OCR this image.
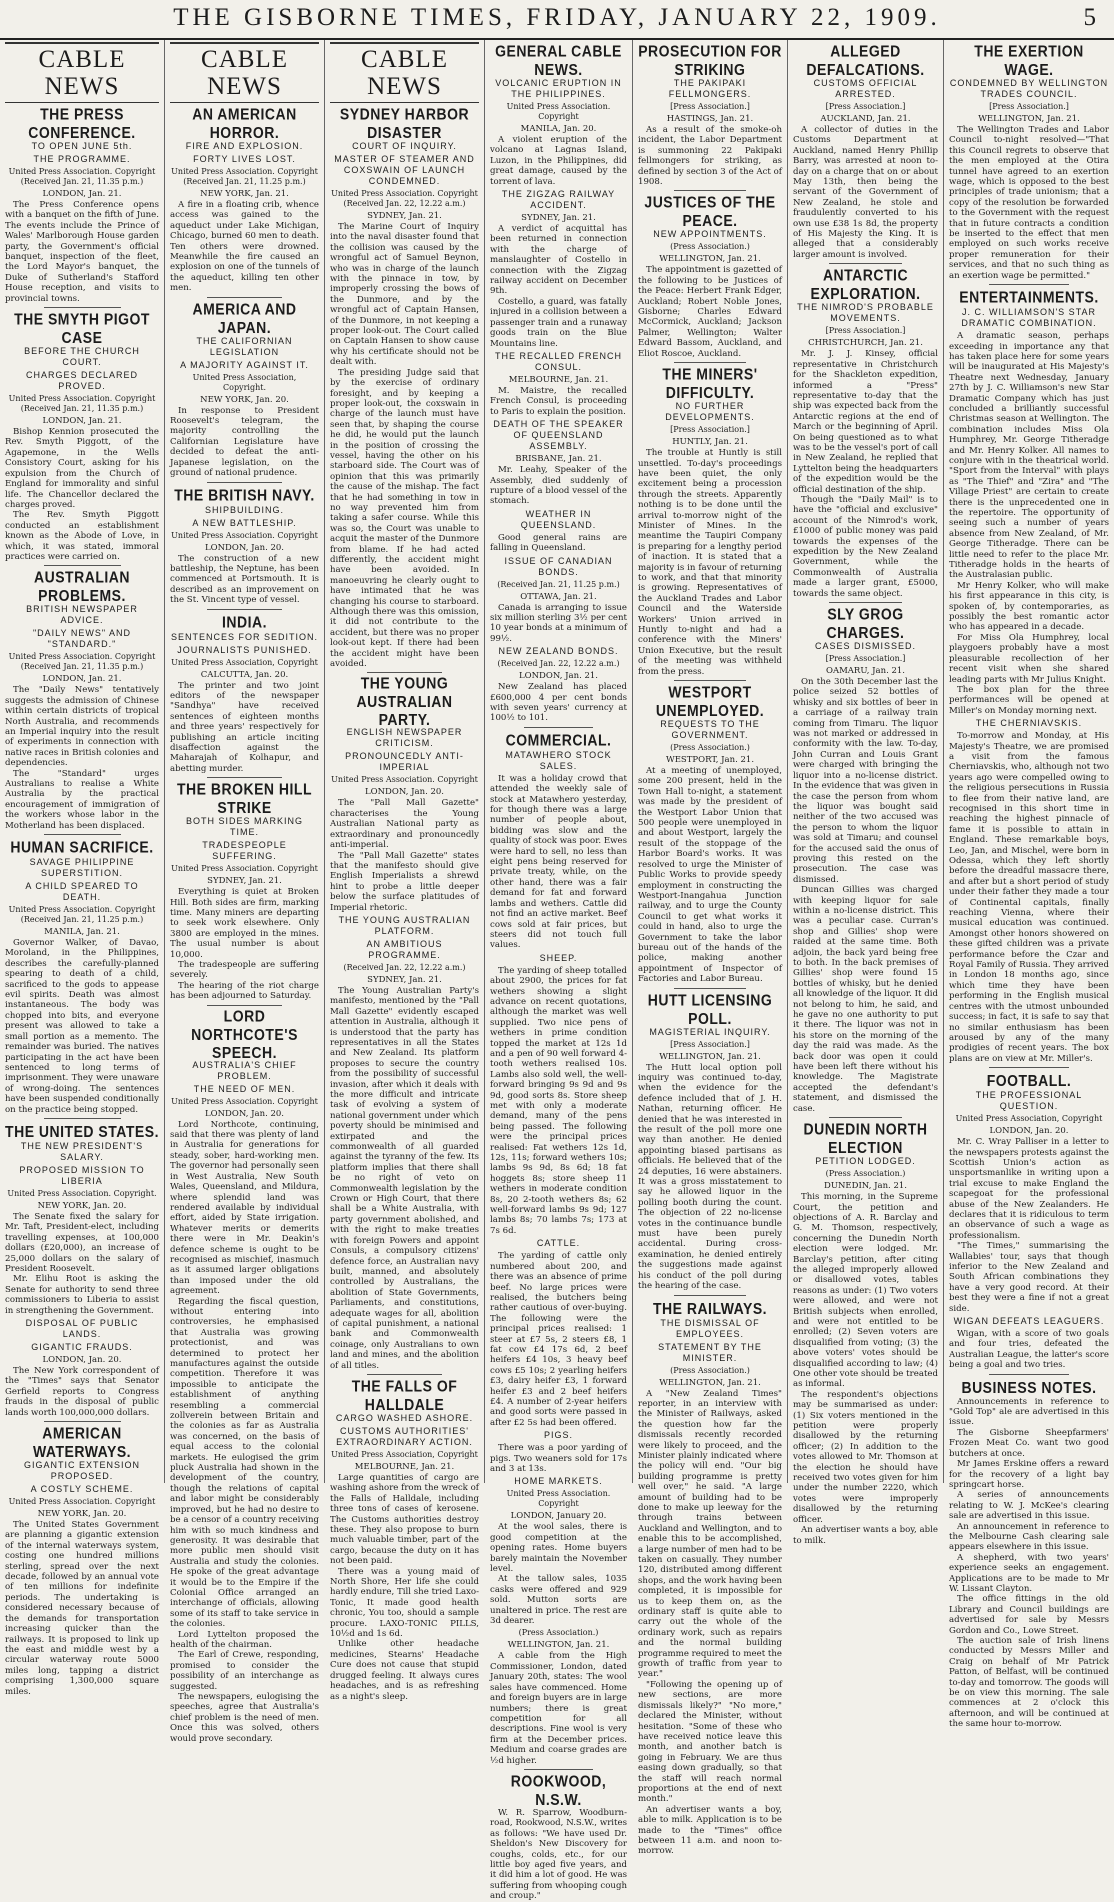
THE GISBORNE TIMES, FRIDAY, JANUARY 22, 1909.	5
CABLE NEWS
THE PRESS CONFERENCE.
TO OPEN JUNE 5th.
THE PROGRAMME.
United Press Association. Copyright (Received Jan. 21, 11.35 p.m.)
LONDON, Jan. 21.
The Press Conference opens with a banquet on the fifth of June. The events include the Prince of Wales' Marlborough House garden party, the Government's official banquet, inspection of the fleet, the Lord Mayor's banquet, the Duke of Sutherland's Stafford House reception, and visits to provincial towns.
THE SMYTH PIGOT CASE
BEFORE THE CHURCH COURT.
CHARGES DECLARED PROVED.
United Press Association. Copyright (Received Jan. 21, 11.35 p.m.)
LONDON, Jan. 21.
Bishop Kennion prosecuted the Rev. Smyth Piggott, of the Agapemone, in the Wells Consistory Court, asking for his expulsion from the Church of England for immorality and sinful life. The Chancellor declared the charges proved.
The Rev. Smyth Piggott conducted an establishment known as the Abode of Love, in which, it was stated, immoral practices were carried on.
AUSTRALIAN PROBLEMS.
BRITISH NEWSPAPER ADVICE.
"DAILY NEWS" AND "STANDARD."
United Press Association. Copyright (Received Jan. 21, 11.35 p.m.)
LONDON, Jan. 21.
The "Daily News" tentatively suggests the admission of Chinese within certain districts of tropical North Australia, and recommends an Imperial inquiry into the result of experiments in connection with native races in British colonies and dependencies.
The "Standard" urges Australians to realise a White Australia by the practical encouragement of immigration of the workers whose labor in the Motherland has been displaced.
HUMAN SACRIFICE.
SAVAGE PHILIPPINE SUPERSTITION.
A CHILD SPEARED TO DEATH.
United Press Association. Copyright (Received Jan. 21, 11.25 p.m.)
MANILA, Jan. 21.
Governor Walker, of Davao, Moroland, in the Philippines, describes the carefully-planned spearing to death of a child, sacrificed to the gods to appease evil spirits. Death was almost instantaneous. The body was chopped into bits, and everyone present was allowed to take a small portion as a memento. The remainder was buried. The natives participating in the act have been sentenced to long terms of imprisonment. They were unaware of wrong-doing. The sentences have been suspended conditionally on the practice being stopped.
THE UNITED STATES.
THE NEW PRESIDENT'S SALARY.
PROPOSED MISSION TO LIBERIA
United Press Association. Copyright.
NEW YORK, Jan. 20.
The Senate fixed the salary for Mr. Taft, President-elect, including travelling expenses, at 100,000 dollars (£20,000), an increase of 25,000 dollars on the salary of President Roosevelt.
Mr. Elihu Root is asking the Senate for authority to send three commissioners to Liberia to assist in strengthening the Government.
DISPOSAL OF PUBLIC LANDS.
GIGANTIC FRAUDS.
LONDON, Jan. 20.
The New York correspondent of the "Times" says that Senator Gerfield reports to Congress frauds in the disposal of public lands worth 100,000,000 dollars.
AMERICAN WATERWAYS.
GIGANTIC EXTENSION PROPOSED.
A COSTLY SCHEME.
United Press Association. Copyright
NEW YORK, Jan. 20.
The United States Government are planning a gigantic extension of the internal waterways system, costing one hundred millions sterling, spread over the next decade, followed by an annual vote of ten millions for indefinite periods. The undertaking is considered necessary because of the demands for transportation increasing quicker than the railways. It is proposed to link up the east and middle west by a circular waterway route 5000 miles long, tapping a district comprising 1,300,000 square miles.
CABLE NEWS
AN AMERICAN HORROR.
FIRE AND EXPLOSION.
FORTY LIVES LOST.
United Press Association. Copyright (Received Jan. 21, 11.25 p.m.)
NEW YORK, Jan. 21.
A fire in a floating crib, whence access was gained to the aqueduct under Lake Michigan, Chicago, burned 60 men to death. Ten others were drowned. Meanwhile the fire caused an explosion on one of the tunnels of the aqueduct, killing ten other men.
AMERICA AND JAPAN.
THE CALIFORNIAN LEGISLATION
A MAJORITY AGAINST IT.
United Press Association, Copyright.
NEW YORK, Jan. 20.
In response to President Roosevelt's telegram, the majority controlling the Californian Legislature have decided to defeat the anti-Japanese legislation, on the ground of national prudence.
THE BRITISH NAVY.
SHIPBUILDING.
A NEW BATTLESHIP.
United Press Association. Copyright
LONDON, Jan. 20.
The construction of a new battleship, the Neptune, has been commenced at Portsmouth. It is described as an improvement on the St. Vincent type of vessel.
INDIA.
SENTENCES FOR SEDITION.
JOURNALISTS PUNISHED.
United Press Association, Copyright
CALCUTTA, Jan. 20.
The printer and two joint editors of the newspaper "Sandhya" have received sentences of eighteen months and three years' respectively for publishing an article inciting disaffection against the Maharajah of Kolhapur, and abetting murder.
THE BROKEN HILL STRIKE
BOTH SIDES MARKING TIME.
TRADESPEOPLE SUFFERING.
United Press Association. Copyright
SYDNEY, Jan. 21.
Everything is quiet at Broken Hill. Both sides are firm, marking time. Many miners are departing to seek work elsewhere. Only 3800 are employed in the mines. The usual number is about 10,000.
The tradespeople are suffering severely.
The hearing of the riot charge has been adjourned to Saturday.
LORD NORTHCOTE'S SPEECH.
AUSTRALIA'S CHIEF PROBLEM.
THE NEED OF MEN.
United Press Association. Copyright
LONDON, Jan. 20.
Lord Northcote, continuing, said that there was plenty of land in Australia for generations for steady, sober, hard-working men. The governor had personally seen in West Australia, New South Wales, Queensland, and Mildura, where splendid land was rendered available by individual effort, aided by State irrigation. Whatever merits or demerits there were in Mr. Deakin's defence scheme is ought to be recognised as mischief, inasmuch as it assumed larger obligations than imposed under the old agreement.
Regarding the fiscal question, without entering into controversies, he emphasised that Australia was growing protectionist, and was determined to protect her manufactures against the outside competition. Therefore it was impossible to anticipate the establishment of anything resembling a commercial zollverein between Britain and the colonies as far as Australia was concerned, on the basis of equal access to the colonial markets. He eulogised the grim pluck Australia had shown in the development of the country, though the relations of capital and labor might be considerably improved, but he had no desire to be a censor of a country receiving him with so much kindness and generosity. It was desirable that more public men should visit Australia and study the colonies. He spoke of the great advantage it would be to the Empire if the Colonial Office arranged an interchange of officials, allowing some of its staff to take service in the colonies.
Lord Lyttelton proposed the health of the chairman.
The Earl of Crewe, responding, promised to consider the possibility of an interchange as suggested.
The newspapers, eulogising the speeches, agree that Australia's chief problem is the need of men. Once this was solved, others would prove secondary.
CABLE NEWS
SYDNEY HARBOR DISASTER
COURT OF INQUIRY.
MASTER OF STEAMER AND COXSWAIN OF LAUNCH CONDEMNED.
United Press Association. Copyright (Received Jan. 22, 12.22 a.m.)
SYDNEY, Jan. 21.
The Marine Court of Inquiry into the naval disaster found that the collision was caused by the wrongful act of Samuel Beynon, who was in charge of the launch with the pinnace in tow, by improperly crossing the bows of the Dunmore, and by the wrongful act of Captain Hansen, of the Dunmore, in not keeping a proper look-out. The Court called on Captain Hansen to show cause why his certificate should not be dealt with.
The presiding Judge said that by the exercise of ordinary foresight, and by keeping a proper look-out, the coxswain in charge of the launch must have seen that, by shaping the course he did, he would put the launch in the position of crossing the vessel, having the other on his starboard side. The Court was of opinion that this was primarily the cause of the mishap. The fact that he had something in tow in no way prevented him from taking a safer course. While this was so, the Court was unable to acquit the master of the Dunmore from blame. If he had acted differently, the accident might have been avoided. In manoeuvring he clearly ought to have intimated that he was changing his course to starboard. Although there was this omission, it did not contribute to the accident, but there was no proper look-out kept. If there had been the accident might have been avoided.
THE YOUNG AUSTRALIAN PARTY.
ENGLISH NEWSPAPER CRITICISM.
PRONOUNCEDLY ANTI-IMPERIAL
United Press Association. Copyright
LONDON, Jan. 20.
The "Pall Mall Gazette" characterises the Young Australian National party as extraordinary and pronouncedly anti-imperial.
The "Pall Mall Gazette" states that the manifesto should give English Imperialists a shrewd hint to probe a little deeper below the surface platitudes of Imperial rhetoric.
THE YOUNG AUSTRALIAN PLATFORM.
AN AMBITIOUS PROGRAMME.
(Received Jan. 22, 12.22 a.m.)
SYDNEY, Jan. 21.
The Young Australian Party's manifesto, mentioned by the "Pall Mall Gazette" evidently escaped attention in Australia, although it is understood that the party has representatives in all the States and New Zealand. Its platform proposes to secure the country from the possibility of successful invasion, after which it deals with the more difficult and intricate task of evolving a system of national government under which poverty should be minimised and extirpated and the commonwealth of all guarded against the tyranny of the few. Its platform implies that there shall be no right of veto on Commonwealth legislation by the Crown or High Court, that there shall be a White Australia, with party government abolished, and with the right to make treaties with foreign Powers and appoint Consuls, a compulsory citizens' defence force, an Australian navy built, manned, and absolutely controlled by Australians, the abolition of State Governments, Parliaments, and constitutions, adequate wages for all, abolition of capital punishment, a national bank and Commonwealth coinage, only Australians to own land and mines, and the abolition of all titles.
THE FALLS OF HALLDALE
CARGO WASHED ASHORE.
CUSTOMS AUTHORITIES' EXTRAORDINARY ACTION.
United Press Association, Copyright
MELBOURNE, Jan. 21.
Large quantities of cargo are washing ashore from the wreck of the Falls of Halldale, including three tons of cases of kerosene. The Customs authorities destroy these. They also propose to burn much valuable timber, part of the cargo, because the duty on it has not been paid.
There was a young maid of North Shore, Her life she could hardly endure, Till she tried Laxo-Tonic, It made good health chronic, You too, should a sample procure. LAXO-TONIC PILLS, 10½d and 1s 6d.
Unlike other headache medicines, Stearns' Headache Cure does not cause that stupid drugged feeling. It always cures headaches, and is as refreshing as a night's sleep.
GENERAL CABLE NEWS.
VOLCANIC ERUPTION IN THE PHILIPPINES.
United Press Association. Copyright
MANILA, Jan. 20.
A violent eruption of the volcano at Lagnas Island, Luzon, in the Philippines, did great damage, caused by the torrent of lava.
THE ZIGZAG RAILWAY ACCIDENT.
SYDNEY, Jan. 21.
A verdict of acquittal has been returned in connection with the charge of manslaughter of Costello in connection with the Zigzag railway accident on December 9th.
Costello, a guard, was fatally injured in a collision between a passenger train and a runaway goods train on the Blue Mountains line.
THE RECALLED FRENCH CONSUL.
MELBOURNE, Jan. 21.
M. Maistre, the recalled French Consul, is proceeding to Paris to explain the position.
DEATH OF THE SPEAKER OF QUEENSLAND ASSEMBLY.
BRISBANE, Jan. 21.
Mr. Leahy, Speaker of the Assembly, died suddenly of rupture of a blood vessel of the stomach.
WEATHER IN QUEENSLAND.
Good general rains are falling in Queensland.
ISSUE OF CANADIAN BONDS.
(Received Jan. 21, 11.25 p.m.)
OTTAWA, Jan. 21.
Canada is arranging to issue six million sterling 3½ per cent 10 year bonds at a minimum of 99½.
NEW ZEALAND BONDS.
(Received Jan. 22, 12.22 a.m.)
LONDON, Jan. 21.
New Zealand has placed £600,000 4 per cent bonds with seven years' currency at 100½ to 101.
COMMERCIAL.
MATAWHERO STOCK SALES.
It was a holiday crowd that attended the weekly sale of stock at Matawhero yesterday, for though there was a large number of people about, bidding was slow and the quality of stock was poor. Ewes were hard to sell, no less than eight pens being reserved for private treaty, while, on the other hand, there was a fair demand for fat and forward lambs and wethers. Cattle did not find an active market. Beef cows sold at fair prices, but steers did not touch full values.
SHEEP.
The yarding of sheep totalled about 2900, the prices for fat wethers showing a slight advance on recent quotations, although the market was well supplied. Two nice pens of wethers in prime condition topped the market at 12s 1d and a pen of 90 well forward 4-tooth wethers realised 10s. Lambs also sold well, the well-forward bringing 9s 9d and 9s 9d, good sorts 8s. Store sheep met with only a moderate demand, many of the pens being passed. The following were the principal prices realised: Fat wethers 12s 1d, 12s, 11s; forward wethers 10s; lambs 9s 9d, 8s 6d; 18 fat hoggets 8s; store sheep 11 wethers in moderate condition 8s, 20 2-tooth wethers 8s; 62 well-forward lambs 9s 9d; 127 lambs 8s; 70 lambs 7s; 173 at 7s 6d.
CATTLE.
The yarding of cattle only numbered about 200, and there was an absence of prime beef. No large prices were realised, the butchers being rather cautious of over-buying. The following were the principal prices realised: 1 steer at £7 5s, 2 steers £8, 1 fat cow £4 17s 6d, 2 beef heifers £4 10s, 3 heavy beef cows £5 10s; 2 yearling heifers £3, dairy heifer £3, 1 forward heifer £3 and 2 beef heifers £4. A number of 2-year heifers and good sorts were passed in after £2 5s had been offered.
PIGS.
There was a poor yarding of pigs. Two weaners sold for 17s and 3 at 13s.
HOME MARKETS.
United Press Association. Copyright
LONDON, January 20.
At the wool sales, there is good competition at the opening rates. Home buyers barely maintain the November level.
At the tallow sales, 1035 casks were offered and 929 sold. Mutton sorts are unaltered in price. The rest are 3d dearer.
(Press Association.)
WELLINGTON, Jan. 21.
A cable from the High Commissioner, London, dated January 20th, states: The wool sales have commenced. Home and foreign buyers are in large numbers; there is great competition for all descriptions. Fine wool is very firm at the December prices. Medium and coarse grades are ½d higher.
ROOKWOOD, N.S.W.
W. R. Sparrow, Woodburn-road, Rookwood, N.S.W., writes as follows: "We have used Dr. Sheldon's New Discovery for coughs, colds, etc., for our little boy aged five years, and it did him a lot of good. He was suffering from whooping cough and croup."
PROSECUTION FOR STRIKING
THE PAKIPAKI FELLMONGERS.
[Press Association.]
HASTINGS, Jan. 21.
As a result of the smoke-oh incident, the Labor Department is summoning 22 Pakipaki fellmongers for striking, as defined by section 3 of the Act of 1908.
JUSTICES OF THE PEACE.
NEW APPOINTMENTS.
(Press Association.)
WELLINGTON, Jan. 21.
The appointment is gazetted of the following to be Justices of the Peace: Herbert Frank Edger, Auckland; Robert Noble Jones, Gisborne; Charles Edward McCormick, Auckland; Jackson Palmer, Wellington; Walter Edward Bassom, Auckland, and Eliot Roscoe, Auckland.
THE MINERS' DIFFICULTY.
NO FURTHER DEVELOPMENTS.
[Press Association.]
HUNTLY, Jan. 21.
The trouble at Huntly is still unsettled. To-day's proceedings have been quiet, the only excitement being a procession through the streets. Apparently nothing is to be done until the arrival to-morrow night of the Minister of Mines. In the meantime the Taupiri Company is preparing for a lengthy period of inaction. It is stated that a majority is in favour of returning to work, and that that minority is growing. Representatives of the Auckland Trades and Labor Council and the Waterside Workers' Union arrived in Huntly to-night and had a conference with the Miners' Union Executive, but the result of the meeting was withheld from the press.
WESTPORT UNEMPLOYED.
REQUESTS TO THE GOVERNMENT.
(Press Association.)
WESTPORT, Jan. 21.
At a meeting of unemployed, some 200 present, held in the Town Hall to-night, a statement was made by the president of the Westport Labor Union that 500 people were unemployed in and about Westport, largely the result of the stoppage of the Harbor Board's works. It was resolved to urge the Minister of Public Works to provide speedy employment in constructing the Westport-Inangahua Junction railway, and to urge the County Council to get what works it could in hand, also to urge the Government to take the labor bureau out of the hands of the police, making another appointment of Inspector of Factories and Labor Bureau.
HUTT LICENSING POLL.
MAGISTERIAL INQUIRY.
[Press Association.]
WELLINGTON, Jan. 21.
The Hutt local option poll inquiry was continued to-day, when the evidence for the defence included that of J. H. Nathan, returning officer. He denied that he was interested in the result of the poll more one way than another. He denied appointing biased partisans as officials. He believed that of the 24 deputies, 16 were abstainers. It was a gross misstatement to say he allowed liquor in the polling booth during the count. The objection of 22 no-license votes in the continuance bundle must have been purely accidental. During cross-examination, he denied entirely the suggestions made against his conduct of the poll during the hearing of the case.
THE RAILWAYS.
THE DISMISSAL OF EMPLOYEES.
STATEMENT BY THE MINISTER.
(Press Association.)
WELLINGTON, Jan. 21.
A "New Zealand Times" reporter, in an interview with the Minister of Railways, asked the question how far the dismissals recently recorded were likely to proceed, and the Minister plainly indicated where the policy will end. "Our big building programme is pretty well over," he said. "A large amount of building had to be done to make up leeway for the through trains between Auckland and Wellington, and to enable this to be accomplished, a large number of men had to be taken on casually. They number 120, distributed among different shops, and the work having been completed, it is impossible for us to keep them on, as the ordinary staff is quite able to carry out the whole of the ordinary work, such as repairs and the normal building programme required to meet the growth of traffic from year to year."
"Following the opening up of new sections, are more dismissals likely?" "No more," declared the Minister, without hesitation. "Some of these who have received notice leave this month, and another batch is going in February. We are thus easing down gradually, so that the staff will reach normal proportions at the end of next month."
An advertiser wants a boy, able to milk. Application is to be made to the "Times" office between 11 a.m. and noon to-morrow.
ALLEGED DEFALCATIONS.
CUSTOMS OFFICIAL ARRESTED.
[Press Association.]
AUCKLAND, Jan. 21.
A collector of duties in the Customs Department at Auckland, named Henry Phillip Barry, was arrested at noon to-day on a charge that on or about May 13th, then being the servant of the Government of New Zealand, he stole and fraudulently converted to his own use £38 1s 8d, the property of His Majesty the King. It is alleged that a considerably larger amount is involved.
ANTARCTIC EXPLORATION.
THE NIMROD'S PROBABLE MOVEMENTS.
[Press Association.]
CHRISTCHURCH, Jan. 21.
Mr. J. J. Kinsey, official representative in Christchurch for the Shackleton expedition, informed a "Press" representative to-day that the ship was expected back from the Antarctic regions at the end of March or the beginning of April. On being questioned as to what was to be the vessel's port of call in New Zealand, he replied that Lyttelton being the headquarters of the expedition would be the official destination of the ship.
Though the "Daily Mail" is to have the "official and exclusive" account of the Nimrod's work, £1000 of public money was paid towards the expenses of the expedition by the New Zealand Government, while the Commonwealth of Australia made a larger grant, £5000, towards the same object.
SLY GROG CHARGES.
CASES DISMISSED.
[Press Association.]
OAMARU, Jan. 21.
On the 30th December last the police seized 52 bottles of whisky and six bottles of beer in a carriage of a railway train coming from Timaru. The liquor was not marked or addressed in conformity with the law. To-day, John Curran and Louis Grant were charged with bringing the liquor into a no-license district. In the evidence that was given in the case the person from whom the liquor was bought said neither of the two accused was the person to whom the liquor was sold at Timaru; and counsel for the accused said the onus of proving this rested on the prosecution. The case was dismissed.
Duncan Gillies was charged with keeping liquor for sale within a no-license district. This was a peculiar case. Curran's shop and Gillies' shop were raided at the same time. Both adjoin, the back yard being free to both. In the back premises of Gillies' shop were found 15 bottles of whisky, but he denied all knowledge of the liquor. It did not belong to him, he said, and he gave no one authority to put it there. The liquor was not in his store on the morning of the day the raid was made. As the back door was open it could have been left there without his knowledge. The Magistrate accepted the defendant's statement, and dismissed the case.
DUNEDIN NORTH ELECTION
PETITION LODGED.
(Press Association.)
DUNEDIN, Jan. 21.
This morning, in the Supreme Court, the petition and objections of A. R. Barclay and G. M. Thomson, respectively, concerning the Dunedin North election were lodged. Mr. Barclay's petition, after citing the alleged improperly allowed or disallowed votes, tables reasons as under: (1) Two voters were allowed, and were not British subjects when enrolled, and were not entitled to be enrolled; (2) Seven voters are disqualified from voting; (3) the above voters' votes should be disqualified according to law; (4) One other vote should be treated as informal.
The respondent's objections may be summarised as under: (1) Six voters mentioned in the petition were properly disallowed by the returning officer; (2) In addition to the votes allowed to Mr. Thomson at the election he should have received two votes given for him under the number 2220, which votes were improperly disallowed by the returning officer.
An advertiser wants a boy, able to milk.
THE EXERTION WAGE.
CONDEMNED BY WELLINGTON TRADES COUNCIL.
[Press Association.]
WELLINGTON, Jan. 21.
The Wellington Trades and Labor Council to-night resolved—"That this Council regrets to observe that the men employed at the Otira tunnel have agreed to an exertion wage, which is opposed to the best principles of trade unionism; that a copy of the resolution be forwarded to the Government with the request that in future contracts a condition be inserted to the effect that men employed on such works receive proper remuneration for their services, and that no such thing as an exertion wage be permitted."
ENTERTAINMENTS.
J. C. WILLIAMSON'S STAR DRAMATIC COMBINATION.
A dramatic season, perhaps exceeding in importance any that has taken place here for some years will be inaugurated at His Majesty's Theatre next Wednesday, January 27th by J. C. Williamson's new Star Dramatic Company which has just concluded a brilliantly successful Christmas season at Wellington. The combination includes Miss Ola Humphrey, Mr. George Titheradge and Mr. Henry Kolker. All names to conjure with in the theatrical world. "Sport from the Interval" with plays as "The Thief" and "Zira" and "The Village Priest" are certain to create there is the unprecedented one in the repertoire. The opportunity of seeing such a number of years absence from New Zealand, of Mr. George Titheradge. There can be little need to refer to the place Mr. Titheradge holds in the hearts of the Australasian public.
Mr Henry Kolker, who will make his first appearance in this city, is spoken of, by contemporaries, as possibly the best romantic actor who has appeared in a decade.
For Miss Ola Humphrey, local playgoers probably have a most pleasurable recollection of her recent visit when she shared leading parts with Mr Julius Knight.
The box plan for the three performances will be opened at Miller's on Monday morning next.
THE CHERNIAVSKIS.
To-morrow and Monday, at His Majesty's Theatre, we are promised a visit from the famous Cherniavskis, who, although not two years ago were compelled owing to the religious persecutions in Russia to flee from their native land, are recognised in this short time in reaching the highest pinnacle of fame it is possible to attain in England. These remarkable boys, Leo, Jan, and Mischel, were born in Odessa, which they left shortly before the dreadful massacre there, and after but a short period of study under their father they made a tour of Continental capitals, finally reaching Vienna, where their musical education was continued. Amongst other honors showered on these gifted children was a private performance before the Czar and Royal Family of Russia. They arrived in London 18 months ago, since which time they have been performing in the English musical centres with the utmost unbounded success; in fact, it is safe to say that no similar enthusiasm has been aroused by any of the many prodigies of recent years. The box plans are on view at Mr. Miller's.
FOOTBALL.
THE PROFESSIONAL QUESTION.
United Press Association, Copyright
LONDON, Jan. 20.
Mr. C. Wray Palliser in a letter to the newspapers protests against the Scottish Union's action as unsportsmanlike in writing upon a trial excuse to make England the scapegoat for the professional abuse of the New Zealanders. He declares that it is ridiculous to term an observance of such a wage as professionalism.
"The Times," summarising the Wallabies' tour, says that though inferior to the New Zealand and South African combinations they have a very good record. At their best they were a fine if not a great side.
WIGAN DEFEATS LEAGUERS.
Wigan, with a score of two goals and four tries, defeated the Australian League, the latter's score being a goal and two tries.
BUSINESS NOTES.
Announcements in reference to "Gold Top" ale are advertised in this issue.
The Gisborne Sheepfarmers' Frozen Meat Co. want two good butchers at once.
Mr James Erskine offers a reward for the recovery of a light bay springcart horse.
A series of announcements relating to W. J. McKee's clearing sale are advertised in this issue.
An announcement in reference to the Melbourne Cash clearing sale appears elsewhere in this issue.
A shepherd, with two years' experience seeks an engagement. Applications are to be made to Mr W. Lissant Clayton.
The office fittings in the old Library and Council buildings are advertised for sale by Messrs Gordon and Co., Lowe Street.
The auction sale of Irish linens conducted by Messrs Miller and Craig on behalf of Mr Patrick Patton, of Belfast, will be continued to-day and tomorrow. The goods will be on view this morning. The sale commences at 2 o'clock this afternoon, and will be continued at the same hour to-morrow.
